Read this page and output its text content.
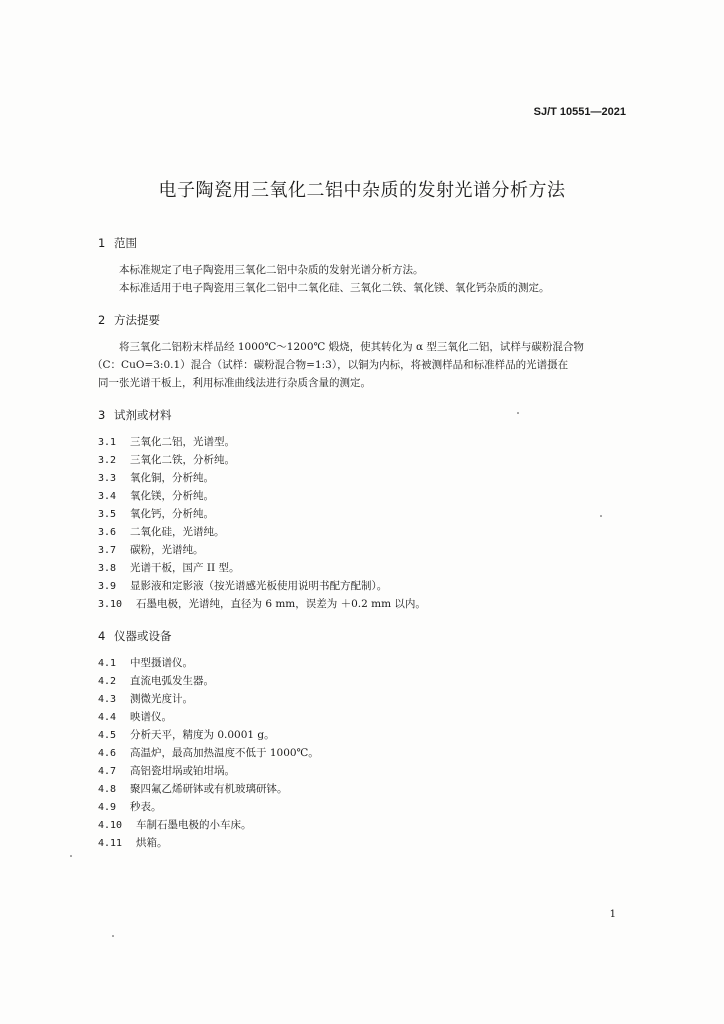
SJ/T 10551—2021
电子陶瓷用三氧化二铝中杂质的发射光谱分析方法
1 范围
本标准规定了电子陶瓷用三氧化二铝中杂质的发射光谱分析方法。
本标准适用于电子陶瓷用三氧化二铝中二氧化硅、三氧化二铁、氧化镁、氧化钙杂质的测定。
2 方法提要
将三氧化二铝粉末样品经 1000℃～1200℃ 煅烧，使其转化为 α 型三氧化二铝，试样与碳粉混合物
（C：CuO=3:0.1）混合（试样：碳粉混合物=1:3），以铜为内标，将被测样品和标准样品的光谱摄在
同一张光谱干板上，利用标准曲线法进行杂质含量的测定。
3 试剂或材料
3.1 三氧化二铝，光谱型。
3.2 三氧化二铁，分析纯。
3.3 氧化铜，分析纯。
3.4 氧化镁，分析纯。
3.5 氧化钙，分析纯。
3.6 二氧化硅，光谱纯。
3.7 碳粉，光谱纯。
3.8 光谱干板，国产 II 型。
3.9 显影液和定影液（按光谱感光板使用说明书配方配制）。
3.10 石墨电极，光谱纯，直径为 6 mm，误差为 ＋0.2 mm 以内。
4 仪器或设备
4.1 中型摄谱仪。
4.2 直流电弧发生器。
4.3 测微光度计。
4.4 映谱仪。
4.5 分析天平，精度为 0.0001 g。
4.6 高温炉，最高加热温度不低于 1000℃。
4.7 高铝瓷坩埚或铂坩埚。
4.8 聚四氟乙烯研钵或有机玻璃研钵。
4.9 秒表。
4.10 车制石墨电极的小车床。
4.11 烘箱。
1
